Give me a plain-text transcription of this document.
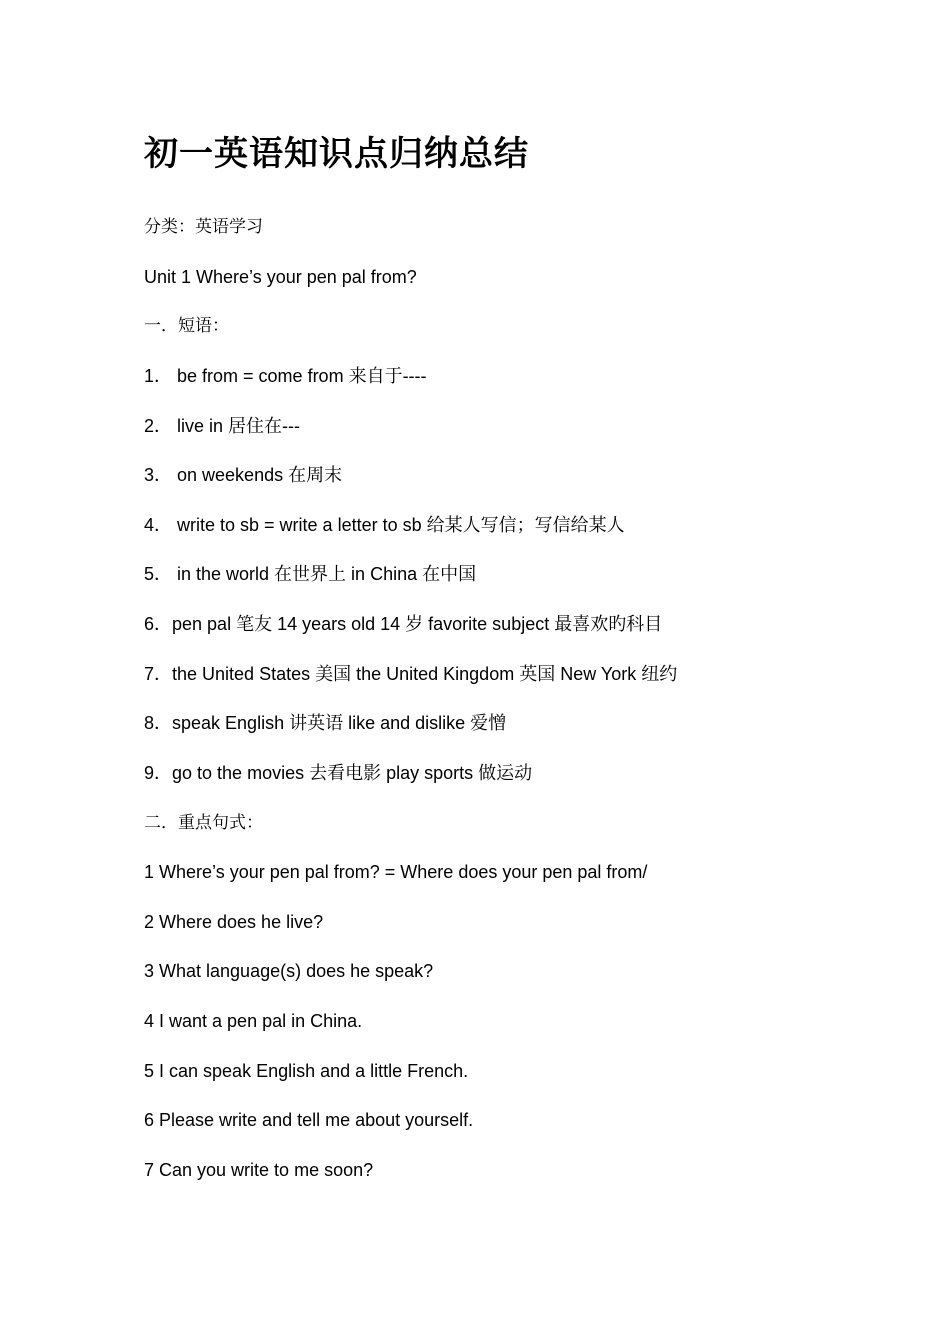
初一英语知识点归纳总结

分类：英语学习

Unit 1 Where’s your pen pal from?

一．短语：

1． be from = come from 来自于----

2． live in 居住在---

3． on weekends 在周末

4． write to sb = write a letter to sb 给某人写信；写信给某人

5． in the world 在世界上 in China 在中国

6．pen pal 笔友 14 years old 14 岁 favorite subject 最喜欢旳科目

7．the United States 美国 the United Kingdom 英国 New York 纽约

8．speak English 讲英语 like and dislike 爱憎

9．go to the movies 去看电影 play sports 做运动

二．重点句式：

1 Where’s your pen pal from? = Where does your pen pal from/

2 Where does he live?

3 What language(s) does he speak?

4 I want a pen pal in China.

5 I can speak English and a little French.

6 Please write and tell me about yourself.

7 Can you write to me soon?
